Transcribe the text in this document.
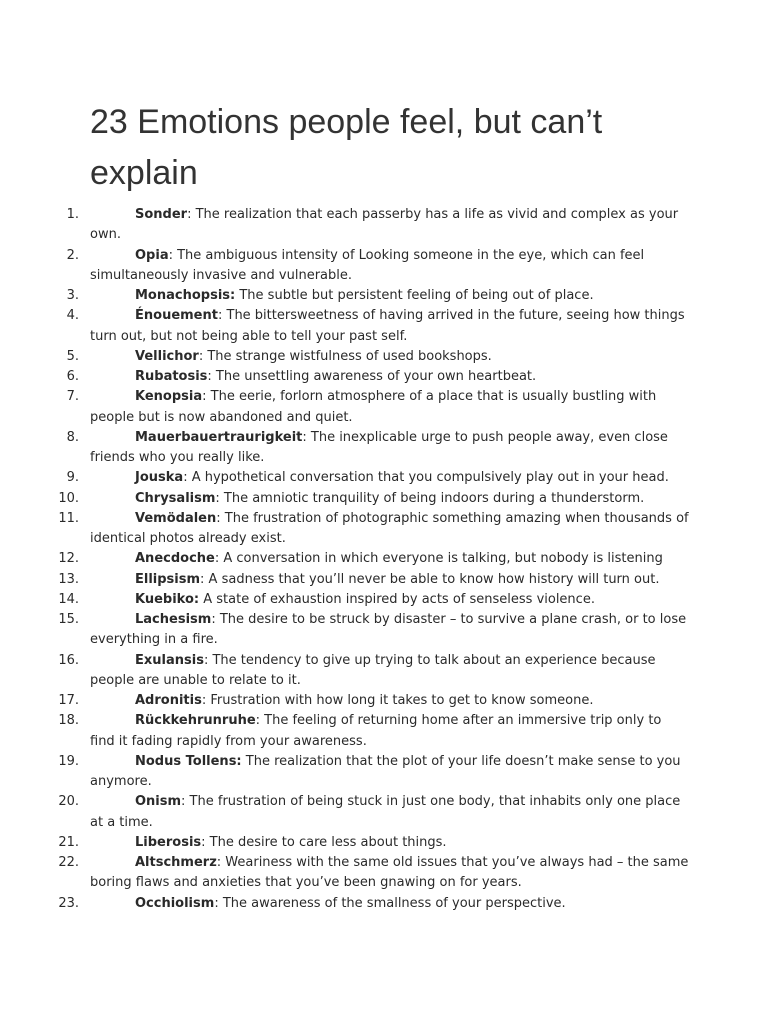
23 Emotions people feel, but can’t explain
1.	Sonder: The realization that each passerby has a life as vivid and complex as your own.
2.	Opia: The ambiguous intensity of Looking someone in the eye, which can feel simultaneously invasive and vulnerable.
3.	Monachopsis: The subtle but persistent feeling of being out of place.
4.	Énouement: The bittersweetness of having arrived in the future, seeing how things turn out, but not being able to tell your past self.
5.	Vellichor: The strange wistfulness of used bookshops.
6.	Rubatosis: The unsettling awareness of your own heartbeat.
7.	Kenopsia: The eerie, forlorn atmosphere of a place that is usually bustling with people but is now abandoned and quiet.
8.	Mauerbauertraurigkeit: The inexplicable urge to push people away, even close friends who you really like.
9.	Jouska: A hypothetical conversation that you compulsively play out in your head.
10.	Chrysalism: The amniotic tranquility of being indoors during a thunderstorm.
11.	Vemödalen: The frustration of photographic something amazing when thousands of identical photos already exist.
12.	Anecdoche: A conversation in which everyone is talking, but nobody is listening
13.	Ellipsism: A sadness that you’ll never be able to know how history will turn out.
14.	Kuebiko: A state of exhaustion inspired by acts of senseless violence.
15.	Lachesism: The desire to be struck by disaster – to survive a plane crash, or to lose everything in a fire.
16.	Exulansis: The tendency to give up trying to talk about an experience because people are unable to relate to it.
17.	Adronitis: Frustration with how long it takes to get to know someone.
18.	Rückkehrunruhe: The feeling of returning home after an immersive trip only to find it fading rapidly from your awareness.
19.	Nodus Tollens: The realization that the plot of your life doesn’t make sense to you anymore.
20.	Onism: The frustration of being stuck in just one body, that inhabits only one place at a time.
21.	Liberosis: The desire to care less about things.
22.	Altschmerz: Weariness with the same old issues that you’ve always had – the same boring flaws and anxieties that you’ve been gnawing on for years.
23.	Occhiolism: The awareness of the smallness of your perspective.
